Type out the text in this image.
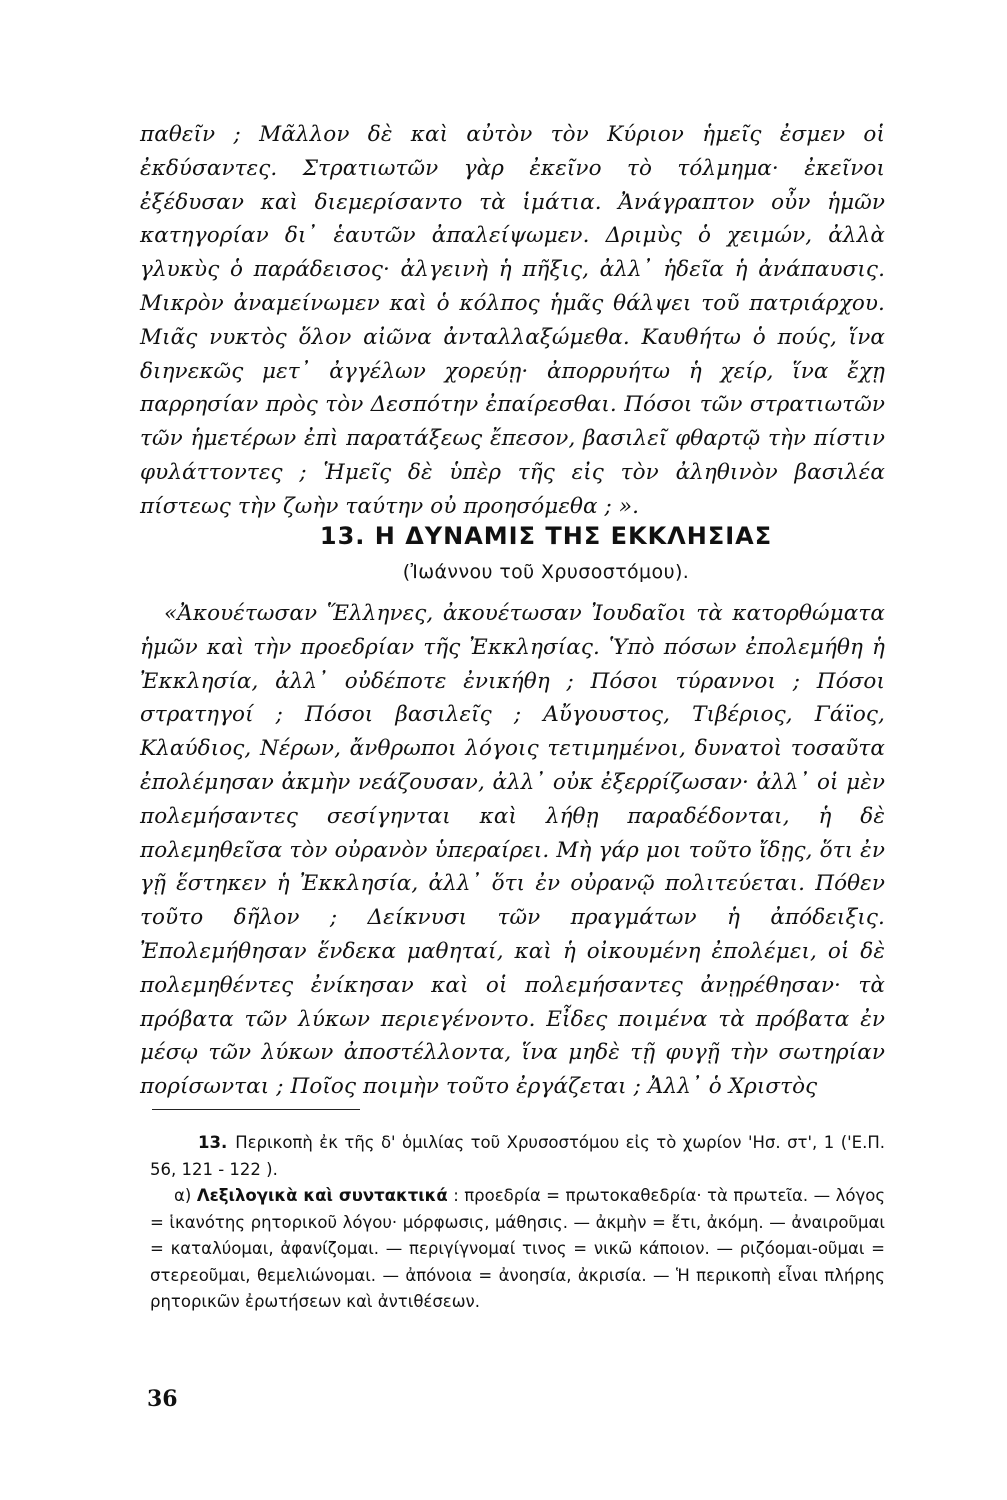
παθεῖν ; Μᾶλλον δὲ καὶ αὐτὸν τὸν Κύριον ἡμεῖς ἐσμεν οἱ ἐκδύσαντες. Στρατιωτῶν γὰρ ἐκεῖνο τὸ τόλμημα· ἐκεῖνοι ἐξέδυσαν καὶ διεμερίσαντο τὰ ἱμάτια. Ἀνάγραπτον οὖν ἡμῶν κατηγορίαν δι᾿ ἑαυτῶν ἀπαλείψωμεν. Δριμὺς ὁ χειμών, ἀλλὰ γλυκὺς ὁ παράδεισος· ἀλγεινὴ ἡ πῆξις, ἀλλ᾿ ἡδεῖα ἡ ἀνάπαυσις. Μικρὸν ἀναμείνωμεν καὶ ὁ κόλπος ἡμᾶς θάλψει τοῦ πατριάρχου. Μιᾶς νυκτὸς ὅλον αἰῶνα ἀνταλλαξώμεθα. Καυθήτω ὁ πούς, ἵνα διηνεκῶς μετ᾿ ἀγγέλων χορεύῃ· ἀπορρυήτω ἡ χείρ, ἵνα ἔχῃ παρρησίαν πρὸς τὸν Δεσπότην ἐπαίρεσθαι. Πόσοι τῶν στρατιωτῶν τῶν ἡμετέρων ἐπὶ παρατάξεως ἔπεσον, βασιλεῖ φθαρτῷ τὴν πίστιν φυλάττοντες ; Ἡμεῖς δὲ ὑπὲρ τῆς εἰς τὸν ἀληθινὸν βασιλέα πίστεως τὴν ζωὴν ταύτην οὐ προησόμεθα ; ».

13. Η ΔΥΝΑΜΙΣ ΤΗΣ ΕΚΚΛΗΣΙΑΣ
(Ἰωάννου τοῦ Χρυσοστόμου).

«Ἀκουέτωσαν Ἕλληνες, ἀκουέτωσαν Ἰουδαῖοι τὰ κατορθώματα ἡμῶν καὶ τὴν προεδρίαν τῆς Ἐκκλησίας. Ὑπὸ πόσων ἐπολεμήθη ἡ Ἐκκλησία, ἀλλ᾿ οὐδέποτε ἐνικήθη ; Πόσοι τύραννοι ; Πόσοι στρατηγοί ; Πόσοι βασιλεῖς ; Αὔγουστος, Τιβέριος, Γάϊος, Κλαύδιος, Νέρων, ἄνθρωποι λόγοις τετιμημένοι, δυνατοὶ τοσαῦτα ἐπολέμησαν ἀκμὴν νεάζουσαν, ἀλλ᾿ οὐκ ἐξερρίζωσαν· ἀλλ᾿ οἱ μὲν πολεμήσαντες σεσίγηνται καὶ λήθῃ παραδέδονται, ἡ δὲ πολεμηθεῖσα τὸν οὐρανὸν ὑπεραίρει. Μὴ γάρ μοι τοῦτο ἴδῃς, ὅτι ἐν γῇ ἕστηκεν ἡ Ἐκκλησία, ἀλλ᾿ ὅτι ἐν οὐρανῷ πολιτεύεται. Πόθεν τοῦτο δῆλον ; Δείκνυσι τῶν πραγμάτων ἡ ἀπόδειξις. Ἐπολεμήθησαν ἕνδεκα μαθηταί, καὶ ἡ οἰκουμένη ἐπολέμει, οἱ δὲ πολεμηθέντες ἐνίκησαν καὶ οἱ πολεμήσαντες ἀνῃρέθησαν· τὰ πρόβατα τῶν λύκων περιεγένοντο. Εἶδες ποιμένα τὰ πρόβατα ἐν μέσῳ τῶν λύκων ἀποστέλλοντα, ἵνα μηδὲ τῇ φυγῇ τὴν σωτηρίαν πορίσωνται ; Ποῖος ποιμὴν τοῦτο ἐργάζεται ; Ἀλλ᾿ ὁ Χριστὸς

13. Περικοπὴ ἐκ τῆς δ' ὁμιλίας τοῦ Χρυσοστόμου εἰς τὸ χωρίον 'Ησ. στ', 1 ('Ε.Π. 56, 121 - 122 ).

α) Λεξιλογικὰ καὶ συντακτικά : προεδρία = πρωτοκαθεδρία· τὰ πρωτεῖα. — λόγος = ἱκανότης ρητορικοῦ λόγου· μόρφωσις, μάθησις. — ἀκμὴν = ἔτι, ἀκόμη. — ἀναιροῦμαι = καταλύομαι, ἀφανίζομαι. — περιγίγνομαί τινος = νικῶ κάποιον. — ριζόομαι-οῦμαι = στερεοῦμαι, θεμελιώνομαι. — ἀπόνοια = ἀνοησία, ἀκρισία. — Ἡ περικοπὴ εἶναι πλήρης ρητορικῶν ἐρωτήσεων καὶ ἀντιθέσεων.

36
